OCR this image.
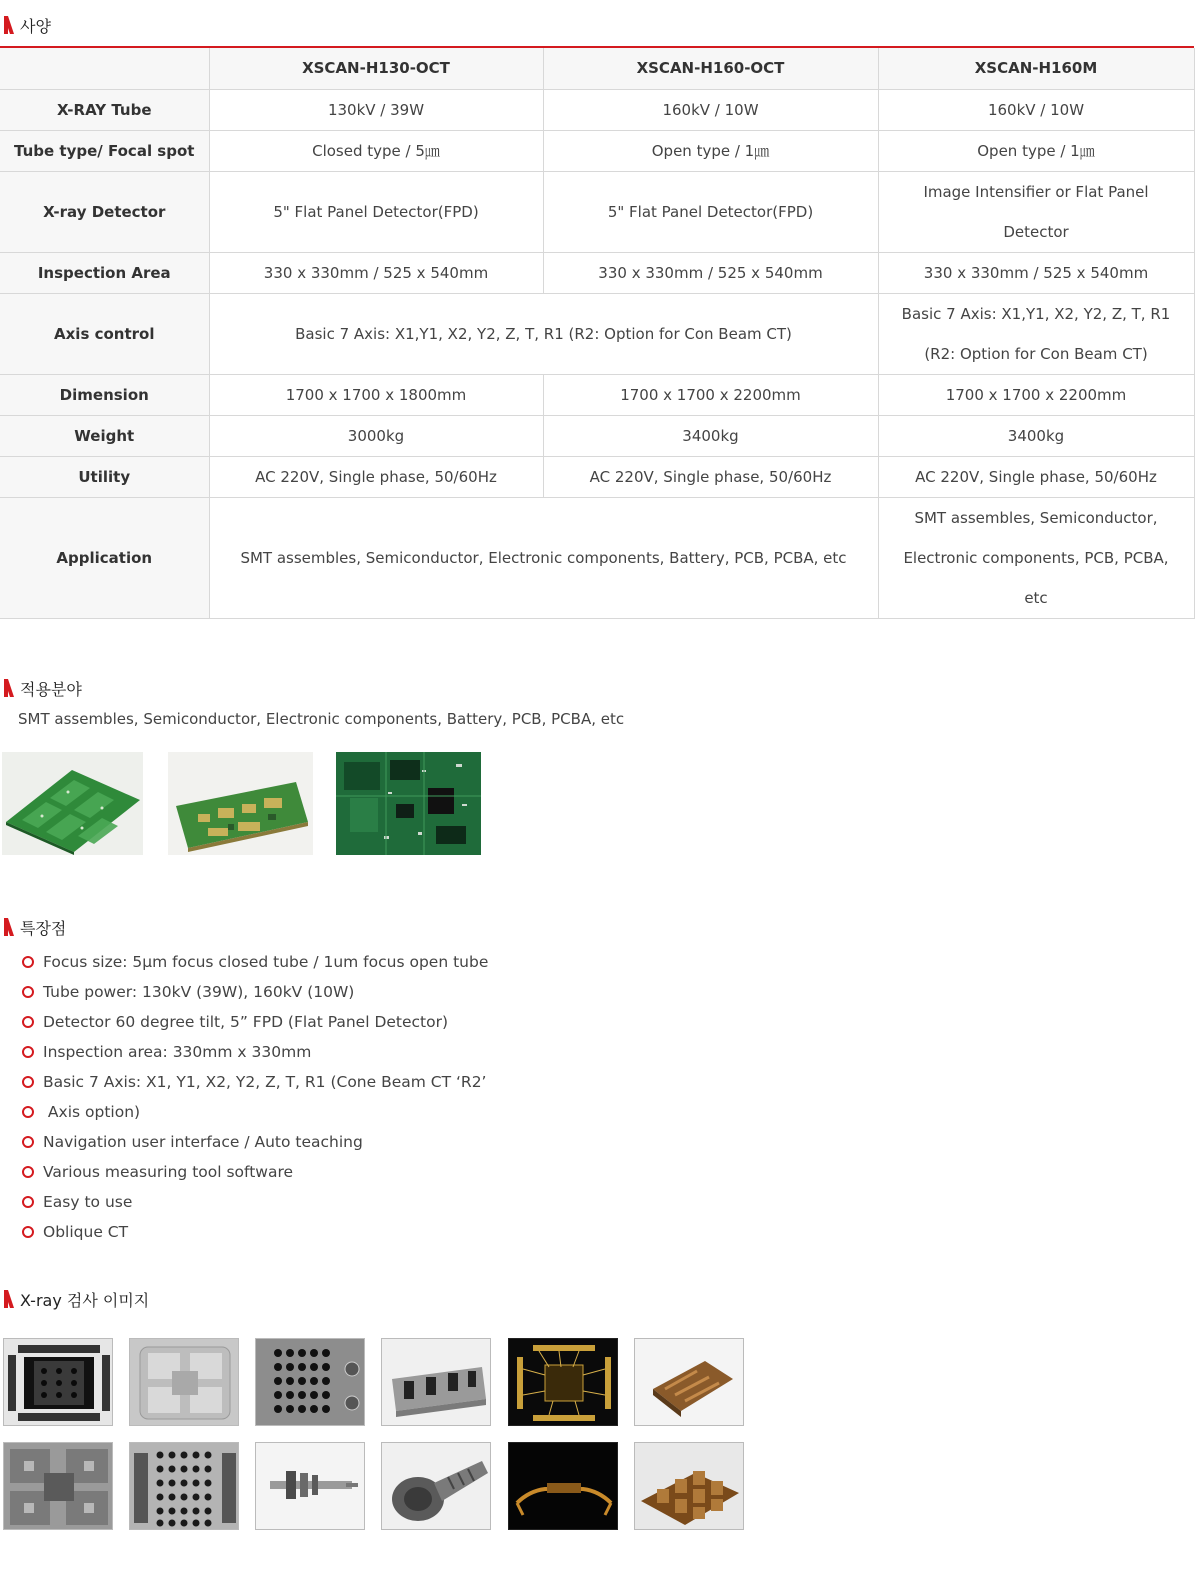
사양
	XSCAN-H130-OCT	XSCAN-H160-OCT	XSCAN-H160M
X-RAY Tube	130kV / 39W	160kV / 10W	160kV / 10W
Tube type/ Focal spot	Closed type / 5㎛	Open type / 1㎛	Open type / 1㎛
X-ray Detector	5" Flat Panel Detector(FPD)	5" Flat Panel Detector(FPD)	Image Intensifier or Flat Panel Detector
Inspection Area	330 x 330mm / 525 x 540mm	330 x 330mm / 525 x 540mm	330 x 330mm / 525 x 540mm
Axis control	Basic 7 Axis: X1,Y1, X2, Y2, Z, T, R1 (R2: Option for Con Beam CT)		Basic 7 Axis: X1,Y1, X2, Y2, Z, T, R1
(R2: Option for Con Beam CT)

Dimension	1700 x 1700 x 1800mm	1700 x 1700 x 2200mm	1700 x 1700 x 2200mm
Weight	3000kg	3400kg	3400kg
Utility	AC 220V, Single phase, 50/60Hz	AC 220V, Single phase, 50/60Hz	AC 220V, Single phase, 50/60Hz
Application	SMT assembles, Semiconductor, Electronic components, Battery, PCB, PCBA, etc		SMT assembles, Semiconductor, Electronic components, PCB, PCBA, etc
적용분야
SMT assembles, Semiconductor, Electronic components, Battery, PCB, PCBA, etc
특장점
Focus size: 5μm focus closed tube / 1um focus open tube
Tube power: 130kV (39W), 160kV (10W)
Detector 60 degree tilt, 5” FPD (Flat Panel Detector)
Inspection area: 330mm x 330mm
Basic 7 Axis: X1, Y1, X2, Y2, Z, T, R1 (Cone Beam CT ‘R2’
Axis option)
Navigation user interface / Auto teaching
Various measuring tool software
Easy to use
Oblique CT
X-ray 검사 이미지
